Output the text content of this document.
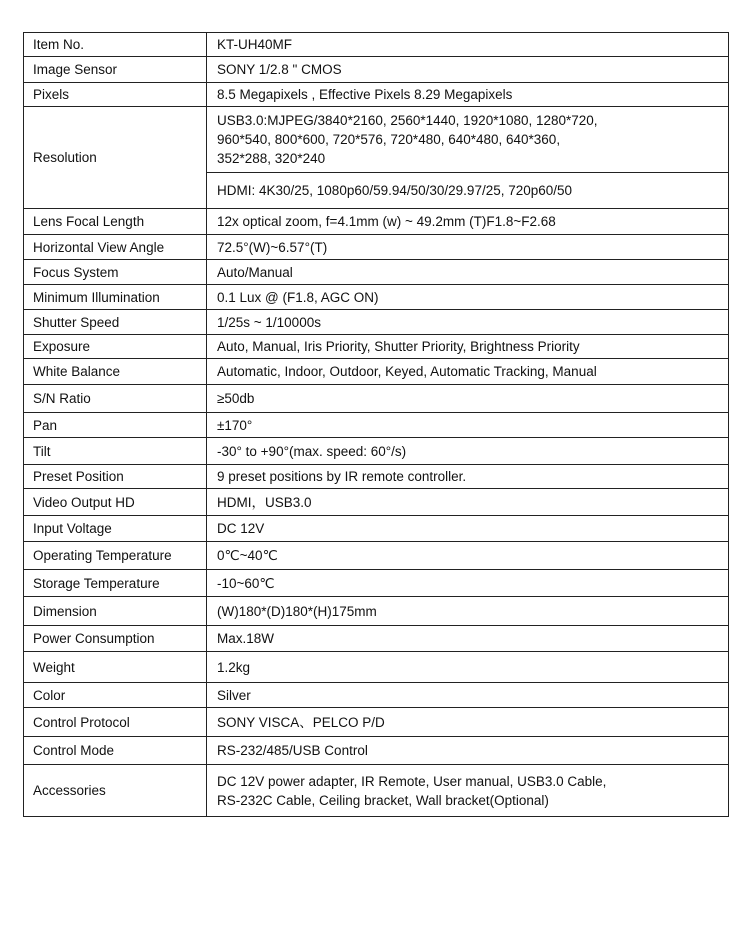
Item No.	KT-UH40MF
Image Sensor	SONY 1/2.8 " CMOS
Pixels	8.5 Megapixels , Effective Pixels 8.29 Megapixels
Resolution	USB3.0:MJPEG/3840*2160, 2560*1440, 1920*1080, 1280*720,
960*540, 800*600, 720*576, 720*480, 640*480, 640*360,
352*288, 320*240

	HDMI: 4K30/25, 1080p60/59.94/50/30/29.97/25, 720p60/50

Lens Focal Length	12x optical zoom, f=4.1mm (w) ~ 49.2mm (T)F1.8~F2.68
Horizontal View Angle	72.5°(W)~6.57°(T)
Focus System	Auto/Manual
Minimum Illumination	0.1 Lux @ (F1.8, AGC ON)
Shutter Speed	1/25s ~ 1/10000s
Exposure	Auto, Manual, Iris Priority, Shutter Priority, Brightness Priority
White Balance	Automatic, Indoor, Outdoor, Keyed, Automatic Tracking, Manual
S/N Ratio	≥50db
Pan	±170°
Tilt	-30° to +90°(max. speed: 60°/s)
Preset Position	9 preset positions by IR remote controller.
Video Output HD	HDMI，USB3.0
Input Voltage	DC 12V
Operating Temperature	0℃~40℃
Storage Temperature	-10~60℃
Dimension	(W)180*(D)180*(H)175mm
Power Consumption	Max.18W
Weight	1.2kg
Color	Silver
Control Protocol	SONY VISCA、PELCO P/D
Control Mode	RS-232/485/USB Control
Accessories	DC 12V power adapter, IR Remote, User manual, USB3.0 Cable,
RS-232C Cable, Ceiling bracket, Wall bracket(Optional)
